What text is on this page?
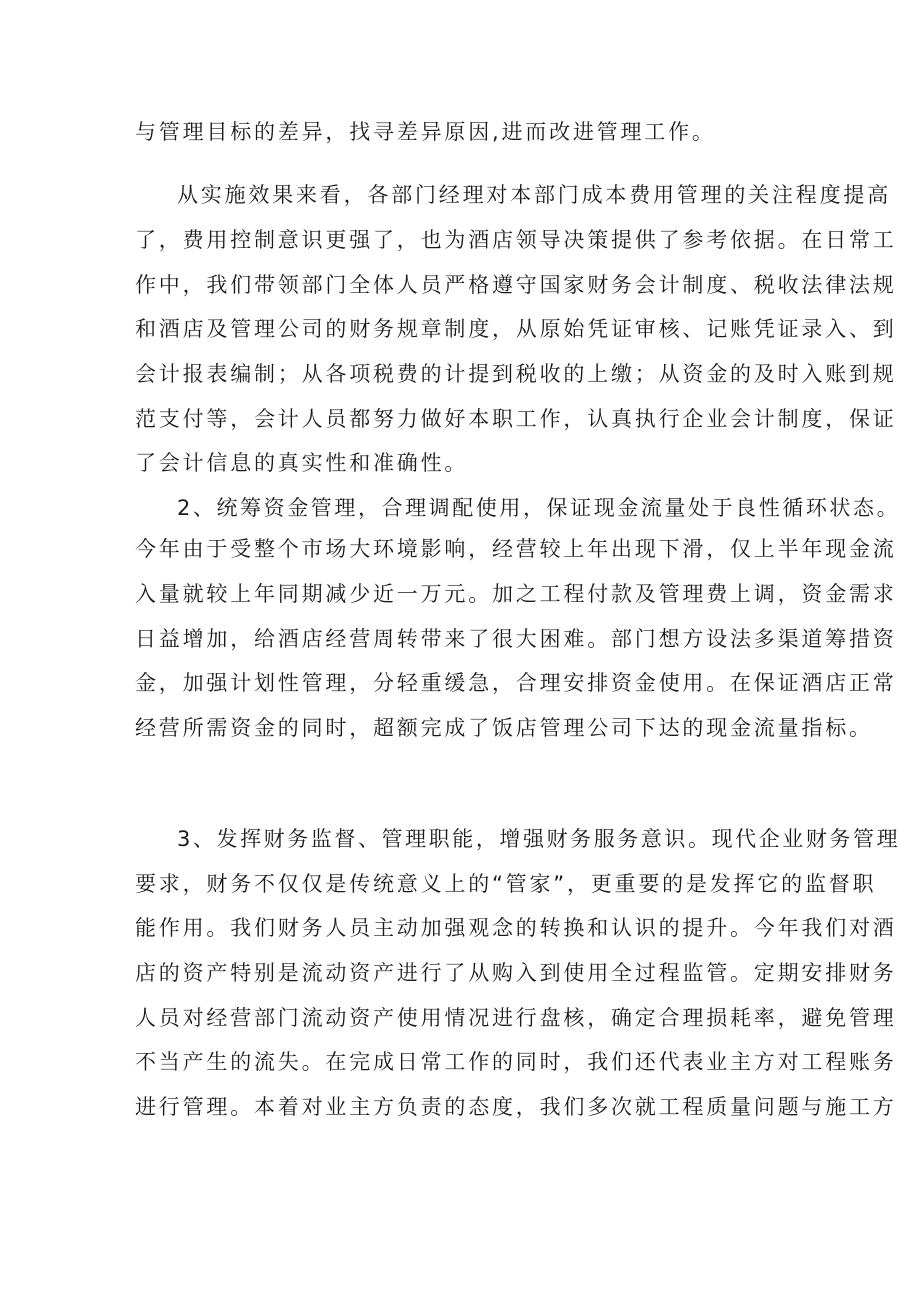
与管理目标的差异，找寻差异原因,进而改进管理工作。
从实施效果来看，各部门经理对本部门成本费用管理的关注程度提高
了，费用控制意识更强了，也为酒店领导决策提供了参考依据。在日常工
作中，我们带领部门全体人员严格遵守国家财务会计制度、税收法律法规
和酒店及管理公司的财务规章制度，从原始凭证审核、记账凭证录入、到
会计报表编制；从各项税费的计提到税收的上缴；从资金的及时入账到规
范支付等，会计人员都努力做好本职工作，认真执行企业会计制度，保证
了会计信息的真实性和准确性。
2、统筹资金管理，合理调配使用，保证现金流量处于良性循环状态。
今年由于受整个市场大环境影响，经营较上年出现下滑，仅上半年现金流
入量就较上年同期减少近一万元。加之工程付款及管理费上调，资金需求
日益增加，给酒店经营周转带来了很大困难。部门想方设法多渠道筹措资
金，加强计划性管理，分轻重缓急，合理安排资金使用。在保证酒店正常
经营所需资金的同时，超额完成了饭店管理公司下达的现金流量指标。
3、发挥财务监督、管理职能，增强财务服务意识。现代企业财务管理
要求，财务不仅仅是传统意义上的“管家”，更重要的是发挥它的监督职
能作用。我们财务人员主动加强观念的转换和认识的提升。今年我们对酒
店的资产特别是流动资产进行了从购入到使用全过程监管。定期安排财务
人员对经营部门流动资产使用情况进行盘核，确定合理损耗率，避免管理
不当产生的流失。在完成日常工作的同时，我们还代表业主方对工程账务
进行管理。本着对业主方负责的态度，我们多次就工程质量问题与施工方
